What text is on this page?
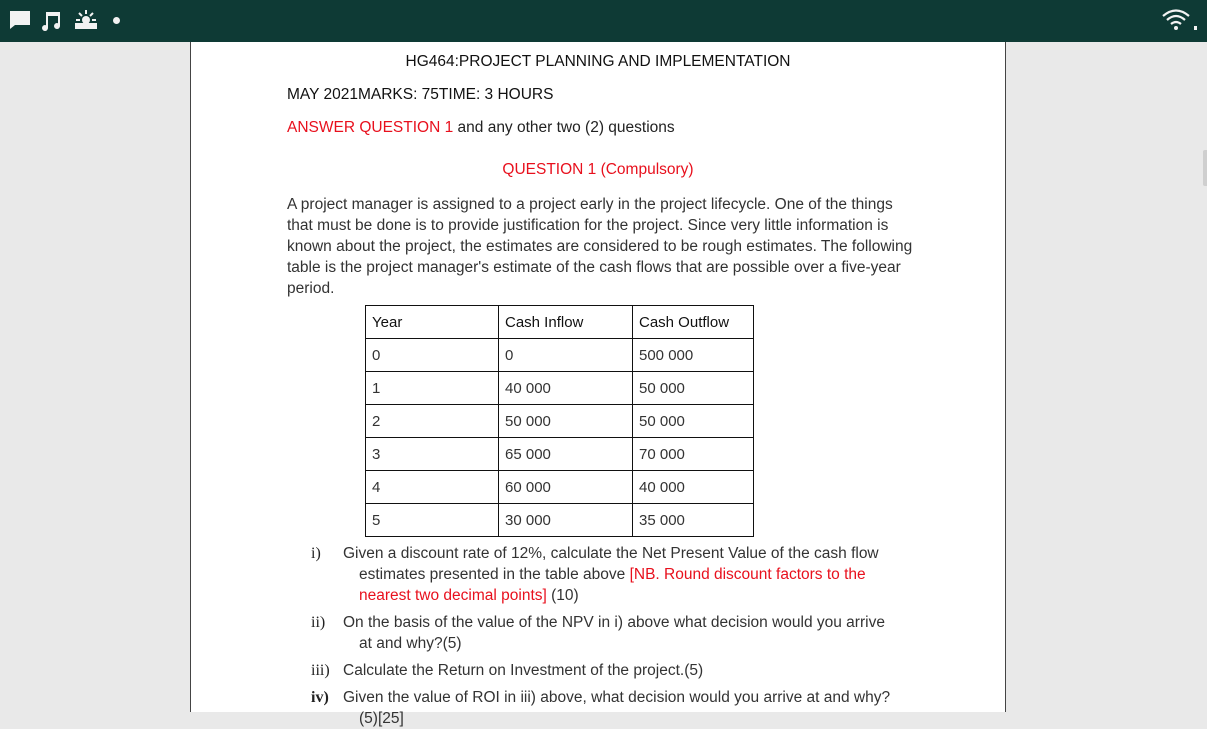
HG464:PROJECT PLANNING AND IMPLEMENTATION
MAY 2021MARKS: 75TIME: 3 HOURS
ANSWER QUESTION 1 and any other two (2) questions
QUESTION 1 (Compulsory)
A project manager is assigned to a project early in the project lifecycle. One of the things that must be done is to provide justification for the project. Since very little information is known about the project, the estimates are considered to be rough estimates. The following table is the project manager's estimate of the cash flows that are possible over a five-year period.
Year	Cash Inflow	Cash Outflow
0	0	500 000
1	40 000	50 000
2	50 000	50 000
3	65 000	70 000
4	60 000	40 000
5	30 000	35 000
i) Given a discount rate of 12%, calculate the Net Present Value of the cash flow
estimates presented in the table above [NB. Round discount factors to the
nearest two decimal points] (10)
ii) On the basis of the value of the NPV in i) above what decision would you arrive
at and why?(5)
iii) Calculate the Return on Investment of the project.(5)
iv) Given the value of ROI in iii) above, what decision would you arrive at and why?
(5)[25]
